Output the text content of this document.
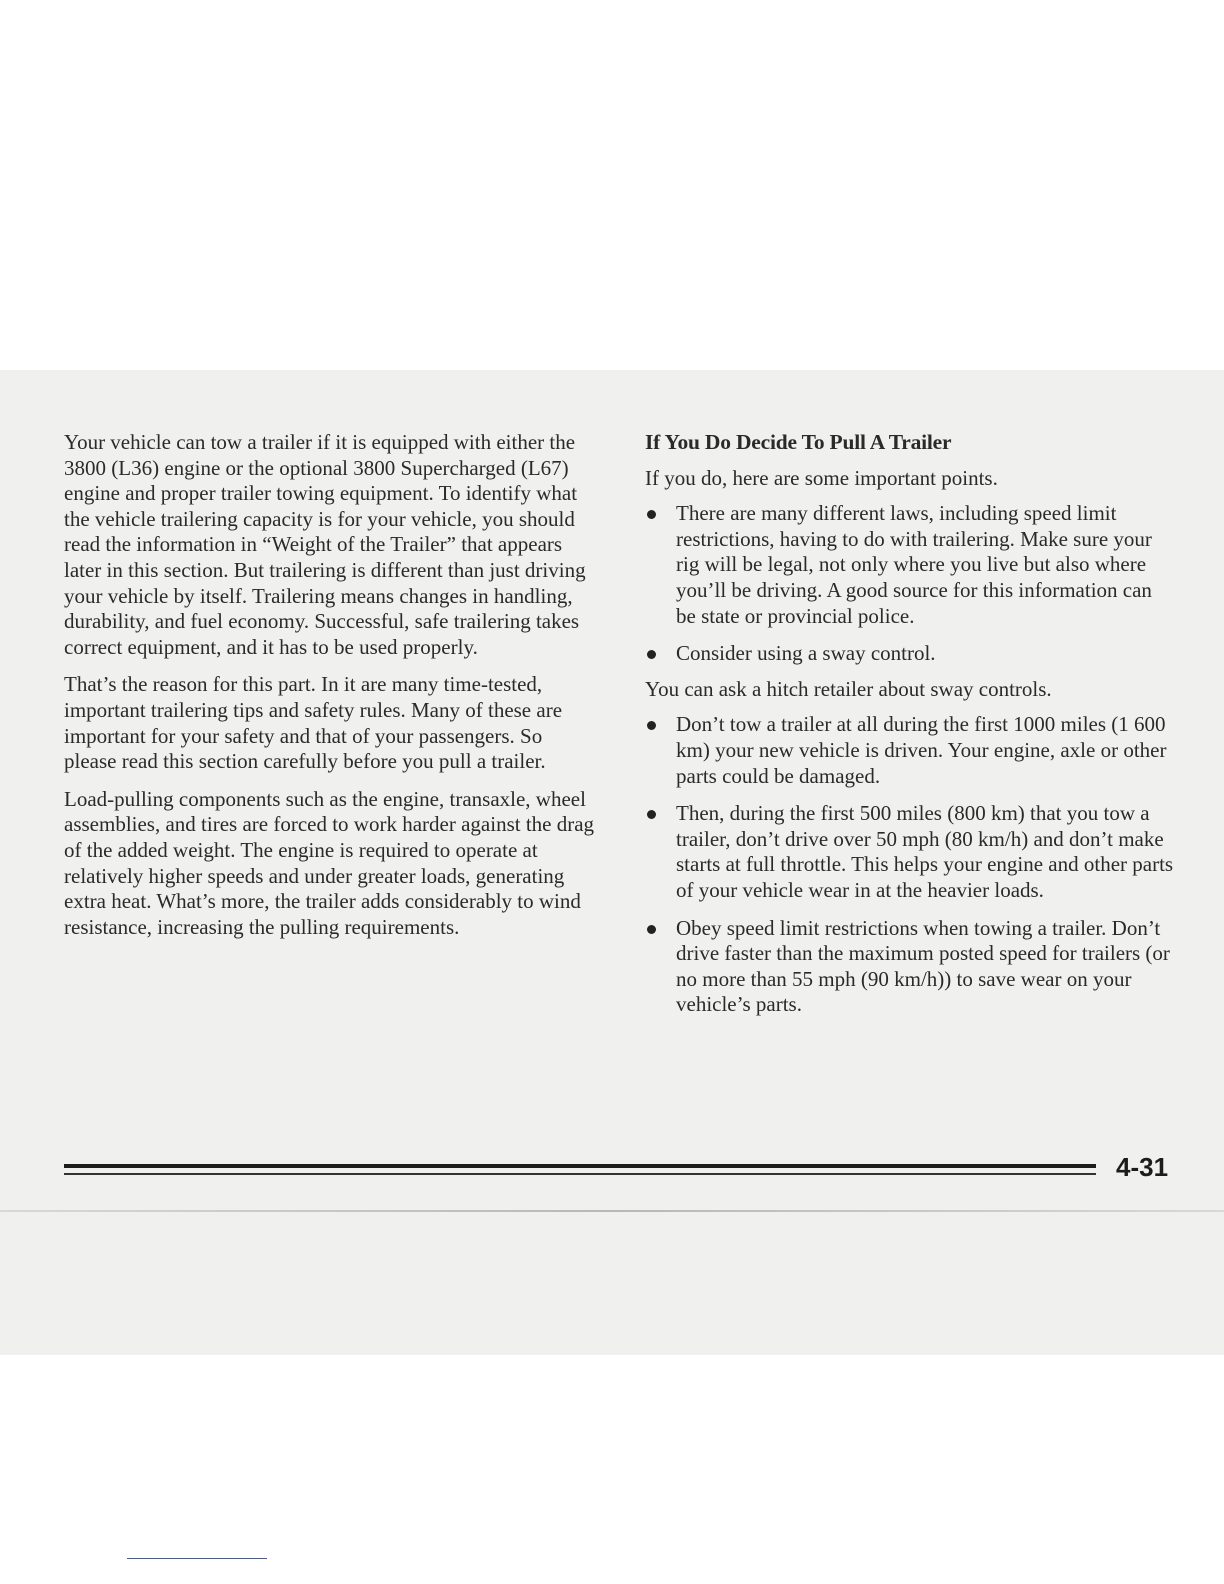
Your vehicle can tow a trailer if it is equipped with either the 3800 (L36) engine or the optional 3800 Supercharged (L67) engine and proper trailer towing equipment. To identify what the vehicle trailering capacity is for your vehicle, you should read the information in “Weight of the Trailer” that appears later in this section. But trailering is different than just driving your vehicle by itself. Trailering means changes in handling, durability, and fuel economy. Successful, safe trailering takes correct equipment, and it has to be used properly.

That’s the reason for this part. In it are many time-tested, important trailering tips and safety rules. Many of these are important for your safety and that of your passengers. So please read this section carefully before you pull a trailer.

Load-pulling components such as the engine, transaxle, wheel assemblies, and tires are forced to work harder against the drag of the added weight. The engine is required to operate at relatively higher speeds and under greater loads, generating extra heat. What’s more, the trailer adds considerably to wind resistance, increasing the pulling requirements.

If You Do Decide To Pull A Trailer

If you do, here are some important points.

There are many different laws, including speed limit restrictions, having to do with trailering. Make sure your rig will be legal, not only where you live but also where you’ll be driving. A good source for this information can be state or provincial police.
Consider using a sway control.

You can ask a hitch retailer about sway controls.

Don’t tow a trailer at all during the first 1000 miles (1 600 km) your new vehicle is driven. Your engine, axle or other parts could be damaged.
Then, during the first 500 miles (800 km) that you tow a trailer, don’t drive over 50 mph (80 km/h) and don’t make starts at full throttle. This helps your engine and other parts of your vehicle wear in at the heavier loads.
Obey speed limit restrictions when towing a trailer. Don’t drive faster than the maximum posted speed for trailers (or no more than 55 mph (90 km/h)) to save wear on your vehicle’s parts.
4-31
